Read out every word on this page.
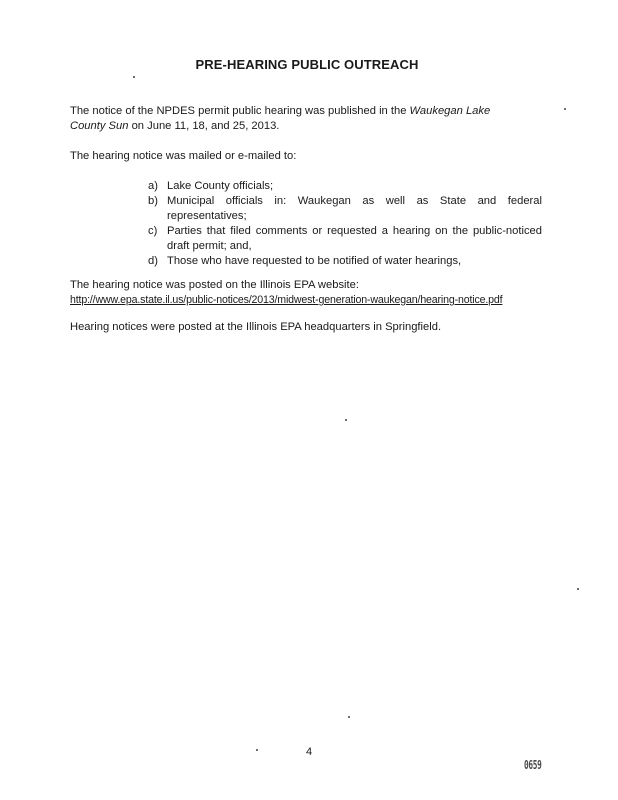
PRE-HEARING PUBLIC OUTREACH
The notice of the NPDES permit public hearing was published in the Waukegan Lake
County Sun on June 11, 18, and 25, 2013.
The hearing notice was mailed or e-mailed to:
a) Lake County officials;
b) Municipal officials in: Waukegan as well as State and federal representatives;
c) Parties that filed comments or requested a hearing on the public-noticed draft permit; and,
d) Those who have requested to be notified of water hearings,
The hearing notice was posted on the Illinois EPA website:
http://www.epa.state.il.us/public-notices/2013/midwest-generation-waukegan/hearing-notice.pdf
Hearing notices were posted at the Illinois EPA headquarters in Springfield.
4
0659
